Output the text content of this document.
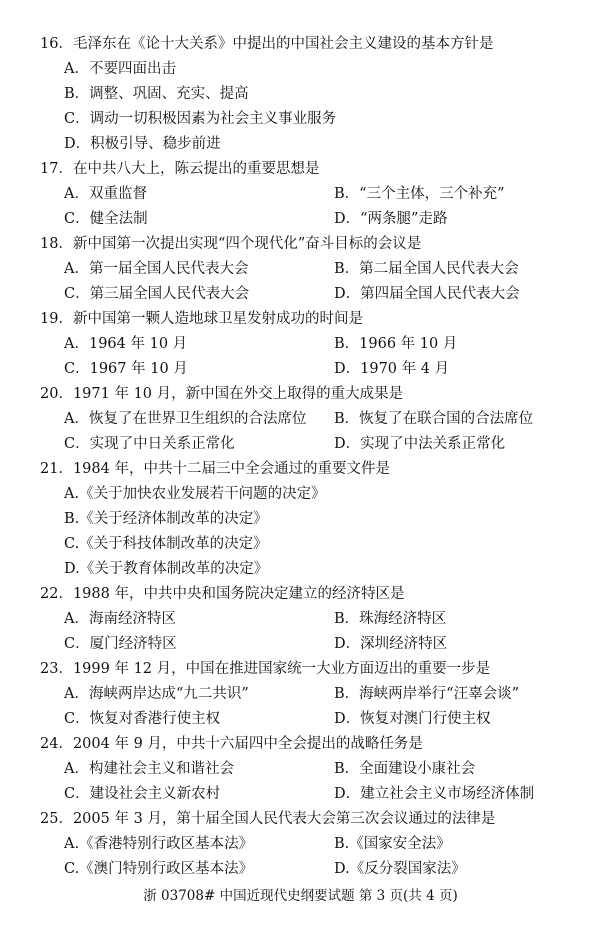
16．毛泽东在《论十大关系》中提出的中国社会主义建设的基本方针是
A．不要四面出击
B．调整、巩固、充实、提高
C．调动一切积极因素为社会主义事业服务
D．积极引导、稳步前进
17．在中共八大上，陈云提出的重要思想是
A．双重监督	B．“三个主体，三个补充”
C．健全法制	D．“两条腿”走路
18．新中国第一次提出实现“四个现代化”奋斗目标的会议是
A．第一届全国人民代表大会	B．第二届全国人民代表大会
C．第三届全国人民代表大会	D．第四届全国人民代表大会
19．新中国第一颗人造地球卫星发射成功的时间是
A．1964 年 10 月	B．1966 年 10 月
C．1967 年 10 月	D．1970 年 4 月
20．1971 年 10 月，新中国在外交上取得的重大成果是
A．恢复了在世界卫生组织的合法席位	B．恢复了在联合国的合法席位
C．实现了中日关系正常化	D．实现了中法关系正常化
21．1984 年，中共十二届三中全会通过的重要文件是
A.《关于加快农业发展若干问题的决定》
B.《关于经济体制改革的决定》
C.《关于科技体制改革的决定》
D.《关于教育体制改革的决定》
22．1988 年，中共中央和国务院决定建立的经济特区是
A．海南经济特区	B．珠海经济特区
C．厦门经济特区	D．深圳经济特区
23．1999 年 12 月，中国在推进国家统一大业方面迈出的重要一步是
A．海峡两岸达成“九二共识”	B．海峡两岸举行“汪辜会谈”
C．恢复对香港行使主权	D．恢复对澳门行使主权
24．2004 年 9 月，中共十六届四中全会提出的战略任务是
A．构建社会主义和谐社会	B．全面建设小康社会
C．建设社会主义新农村	D．建立社会主义市场经济体制
25．2005 年 3 月，第十届全国人民代表大会第三次会议通过的法律是
A.《香港特别行政区基本法》	B.《国家安全法》
C.《澳门特别行政区基本法》	D.《反分裂国家法》
浙 03708# 中国近现代史纲要试题 第 3 页(共 4 页)
